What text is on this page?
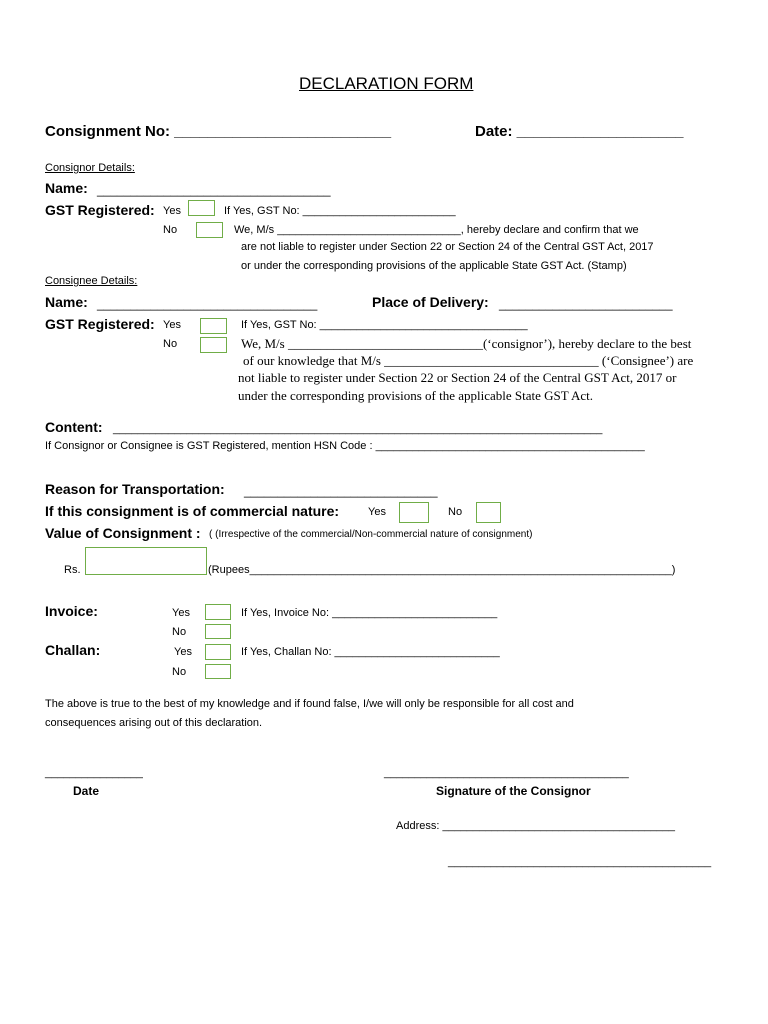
DECLARATION FORM
Consignment No: __________________________	Date: ____________________
Consignor Details:
Name: ___________________________________
GST Registered: Yes	If Yes, GST No: _________________________
No	We, M/s ______________________________, hereby declare and confirm that we
are not liable to register under Section 22 or Section 24 of the Central GST Act, 2017
or under the corresponding provisions of the applicable State GST Act. (Stamp)
Consignee Details:
Name: _________________________________	Place of Delivery: __________________________
GST Registered: Yes	If Yes, GST No: __________________________________
No	We, M/s ______________________________(‘consignor’), hereby declare to the best
of our knowledge that M/s _________________________________ (‘Consignee’) are
not liable to register under Section 22 or Section 24 of the Central GST Act, 2017 or
under the corresponding provisions of the applicable State GST Act.
Content: ________________________________________________________________________________
If Consignor or Consignee is GST Registered, mention HSN Code : ____________________________________________
Reason for Transportation: _____________________________
If this consignment is of commercial nature:	Yes	No
Value of Consignment : ( (Irrespective of the commercial/Non-commercial nature of consignment)
Rs.	(Rupees_____________________________________________________________________)
Invoice:	Yes	If Yes, Invoice No: ___________________________
No
Challan:	Yes	If Yes, Challan No: ___________________________
No
The above is true to the best of my knowledge and if found false, I/we will only be responsible for all cost and
consequences arising out of this declaration.
________________
Date
________________________________________
Signature of the Consignor
Address: ______________________________________
___________________________________________
